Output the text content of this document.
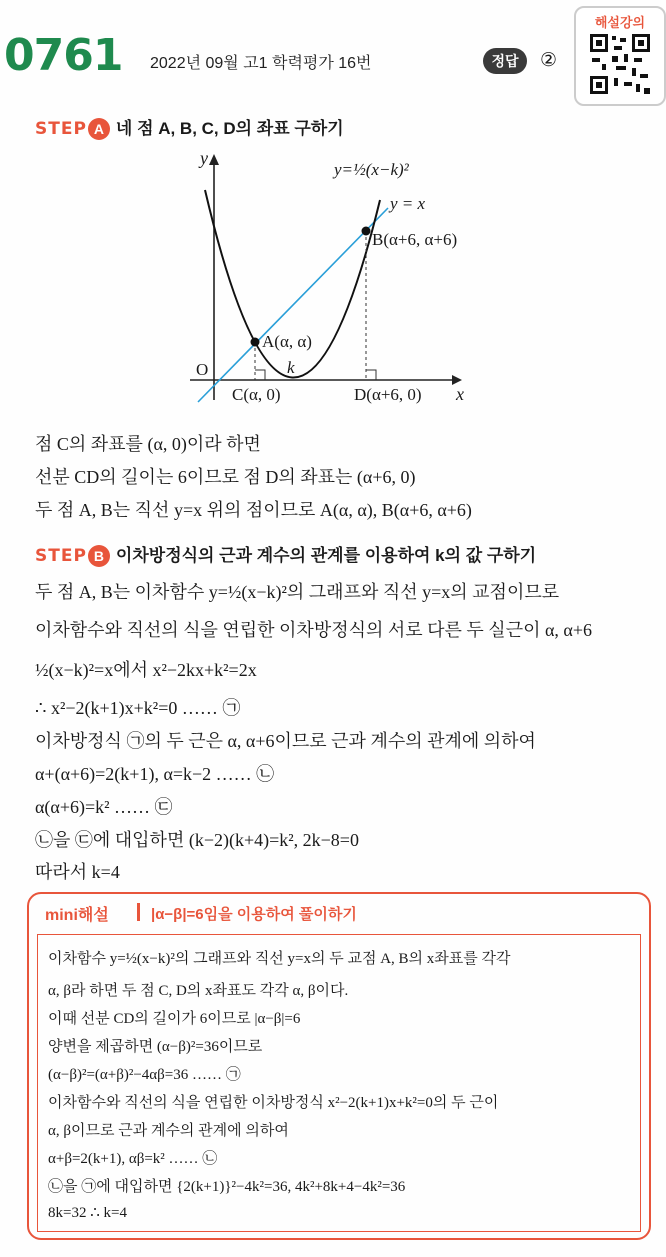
0761 2022년 09월 고1 학력평가 16번	정답	②
해설강의
STEP A 네 점 A, B, C, D의 좌표 구하기
y
x
O
y=½(x−k)²
y = x
A(α, α)
B(α+6, α+6)
C(α, 0)	D(α+6, 0)
k
점 C의 좌표를 (α, 0)이라 하면
선분 CD의 길이는 6이므로 점 D의 좌표는 (α+6, 0)
두 점 A, B는 직선 y=x 위의 점이므로 A(α, α), B(α+6, α+6)
STEP B 이차방정식의 근과 계수의 관계를 이용하여 k의 값 구하기
두 점 A, B는 이차함수 y=½(x−k)²의 그래프와 직선 y=x의 교점이므로
이차함수와 직선의 식을 연립한 이차방정식의 서로 다른 두 실근이 α, α+6
½(x−k)²=x에서 x²−2kx+k²=2x
∴ x²−2(k+1)x+k²=0 …… ㉠
이차방정식 ㉠의 두 근은 α, α+6이므로 근과 계수의 관계에 의하여
α+(α+6)=2(k+1), α=k−2 …… ㉡
α(α+6)=k² …… ㉢
㉡을 ㉢에 대입하면 (k−2)(k+4)=k², 2k−8=0
따라서 k=4
mini해설	|α−β|=6임을 이용하여 풀이하기
이차함수 y=½(x−k)²의 그래프와 직선 y=x의 두 교점 A, B의 x좌표를 각각
α, β라 하면 두 점 C, D의 x좌표도 각각 α, β이다.
이때 선분 CD의 길이가 6이므로 |α−β|=6
양변을 제곱하면 (α−β)²=36이므로
(α−β)²=(α+β)²−4αβ=36 …… ㉠
이차함수와 직선의 식을 연립한 이차방정식 x²−2(k+1)x+k²=0의 두 근이
α, β이므로 근과 계수의 관계에 의하여
α+β=2(k+1), αβ=k² …… ㉡
㉡을 ㉠에 대입하면 {2(k+1)}²−4k²=36, 4k²+8k+4−4k²=36
8k=32 ∴ k=4
